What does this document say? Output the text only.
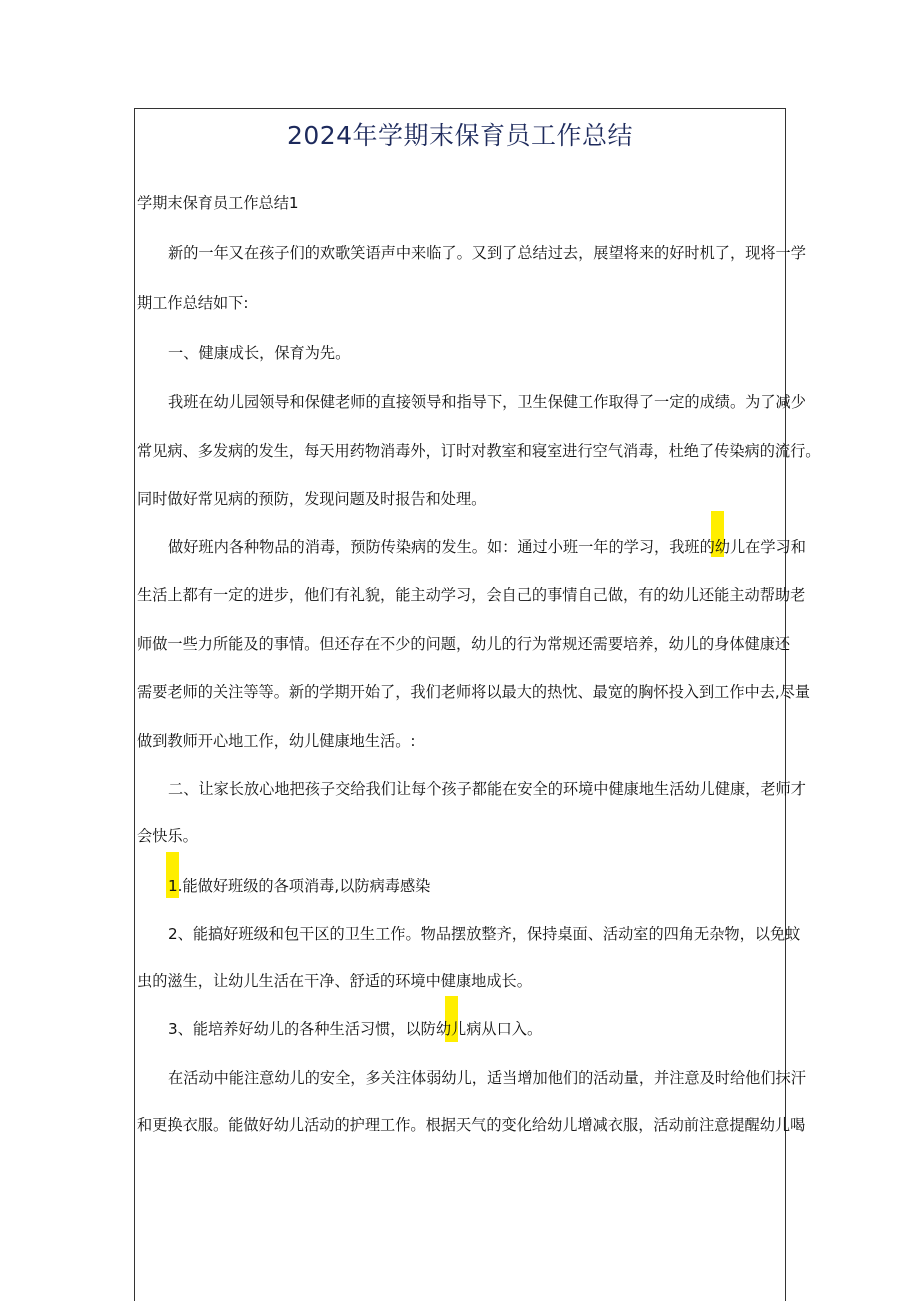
2024年学期末保育员工作总结
学期末保育员工作总结1
新的一年又在孩子们的欢歌笑语声中来临了。又到了总结过去，展望将来的好时机了，现将一学
期工作总结如下:
一、健康成长，保育为先。
我班在幼儿园领导和保健老师的直接领导和指导下，卫生保健工作取得了一定的成绩。为了减少
常见病、多发病的发生，每天用药物消毒外，订时对教室和寝室进行空气消毒，杜绝了传染病的流行。
同时做好常见病的预防，发现问题及时报告和处理。
做好班内各种物品的消毒，预防传染病的发生。如：通过小班一年的学习，我班的幼儿在学习和
生活上都有一定的进步，他们有礼貌，能主动学习，会自己的事情自己做，有的幼儿还能主动帮助老
师做一些力所能及的事情。但还存在不少的问题，幼儿的行为常规还需要培养，幼儿的身体健康还
需要老师的关注等等。新的学期开始了，我们老师将以最大的热忱、最宽的胸怀投入到工作中去,尽量
做到教师开心地工作，幼儿健康地生活。:
二、让家长放心地把孩子交给我们让每个孩子都能在安全的环境中健康地生活幼儿健康，老师才
会快乐。
1.能做好班级的各项消毒,以防病毒感染
2、能搞好班级和包干区的卫生工作。物品摆放整齐，保持桌面、活动室的四角无杂物，以免蚊
虫的滋生，让幼儿生活在干净、舒适的环境中健康地成长。
3、能培养好幼儿的各种生活习惯，以防幼儿病从口入。
在活动中能注意幼儿的安全，多关注体弱幼儿，适当增加他们的活动量，并注意及时给他们抹汗
和更换衣服。能做好幼儿活动的护理工作。根据天气的变化给幼儿增减衣服，活动前注意提醒幼儿喝
